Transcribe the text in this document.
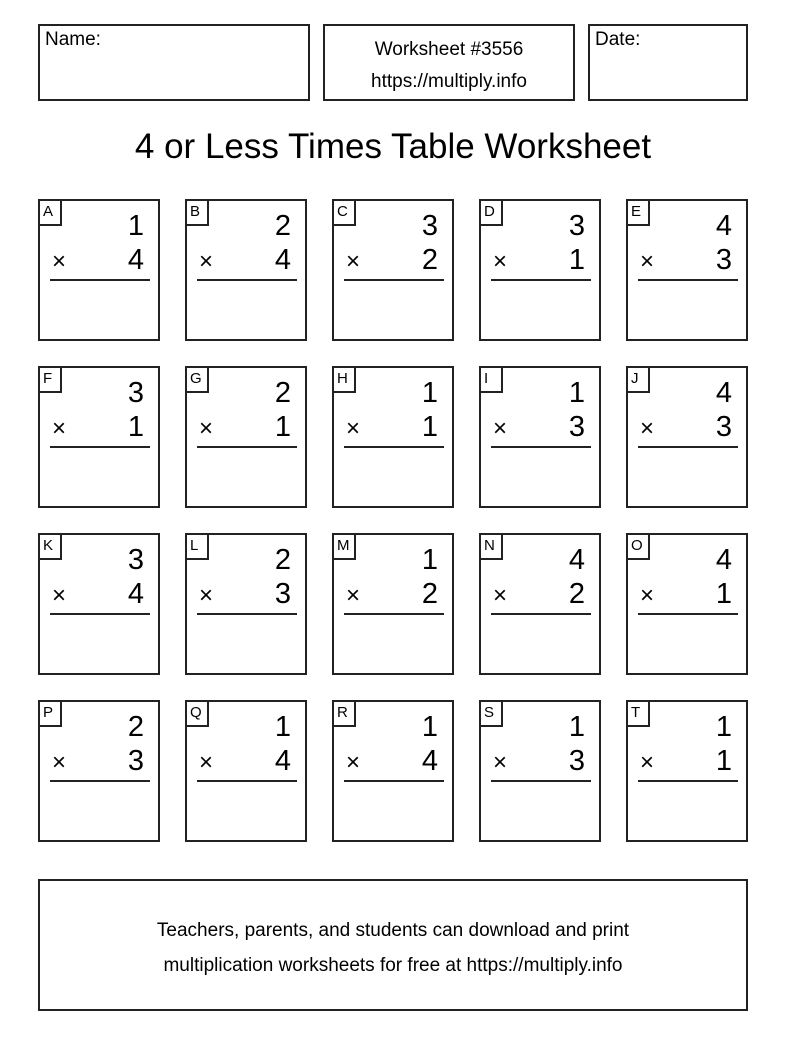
Name:	Worksheet #3556
https://multiply.info
Date:
4 or Less Times Table Worksheet
A	1
× 4
B	2
× 4
C	3
× 2
D	3
× 1
E	4
× 3
F	3
× 1
G	2
× 1
H	1
× 1
I	1
× 3
J	4
× 3
K	3
× 4
L	2
× 3
M 1
× 2
N	4
× 2
O	4
× 1
P	2
× 3
Q	1
× 4
R	1
× 4
S	1
× 3
T	1
× 1
Teachers, parents, and students can download and print
multiplication worksheets for free at https://multiply.info
